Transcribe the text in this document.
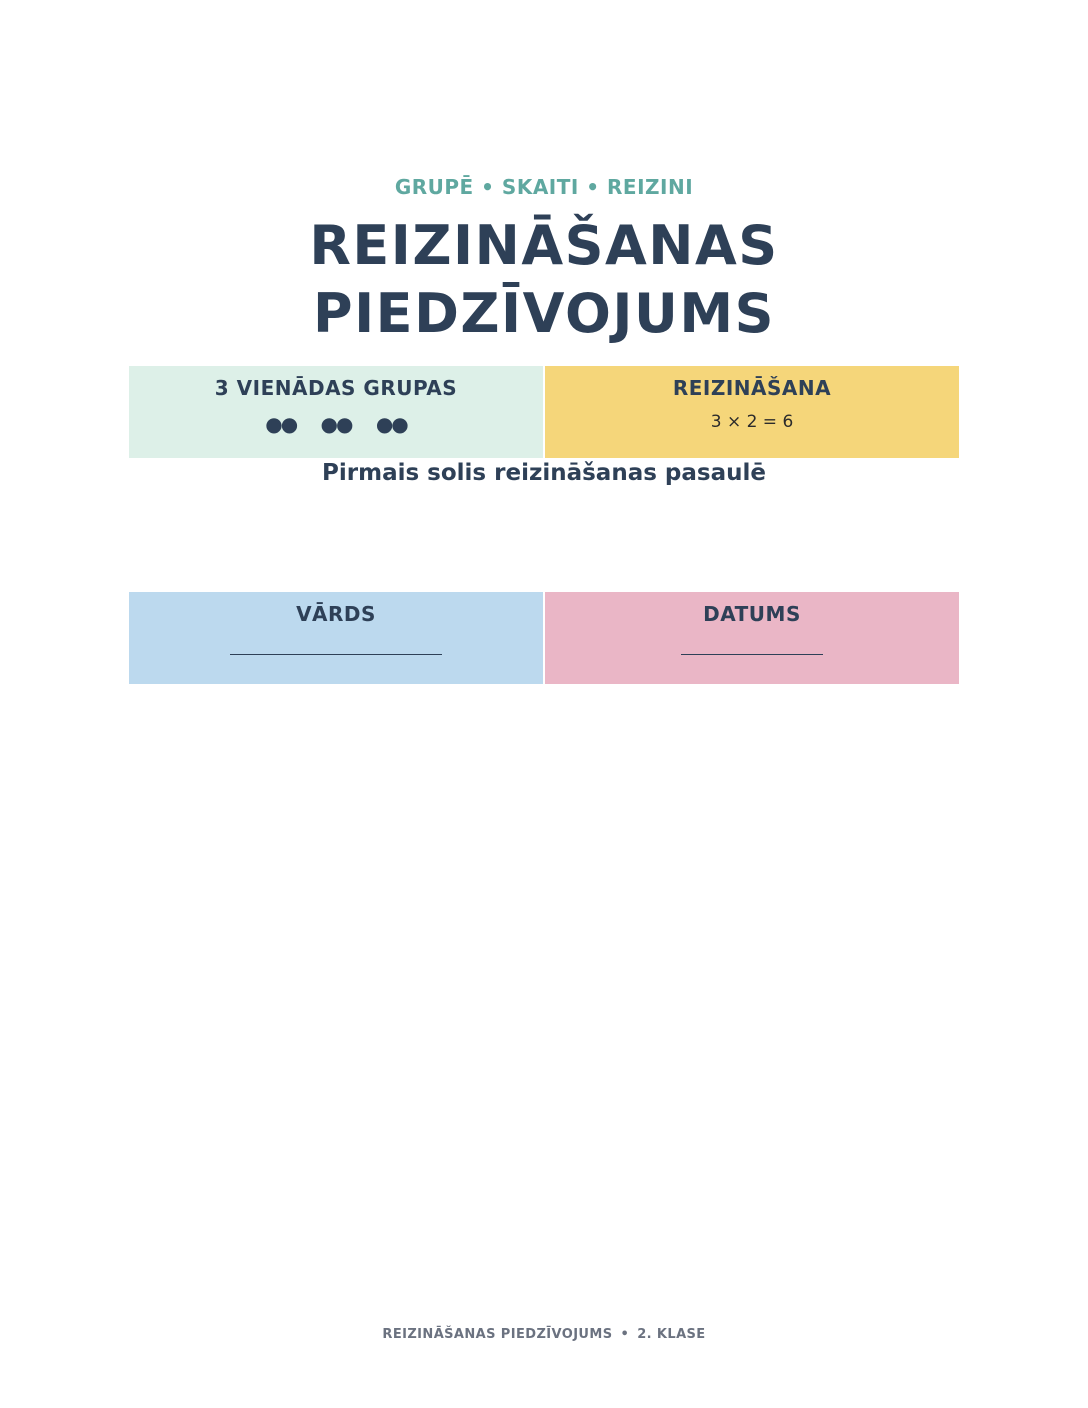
GRUPĒ • SKAITI • REIZINI
REIZINĀŠANAS
PIEDZĪVOJUMS
3 VIENĀDAS GRUPAS
●● ●● ●●
REIZINĀŠANA
3 × 2 = 6
Pirmais solis reizināšanas pasaulē
VĀRDS	DATUMS
REIZINĀŠANAS PIEDZĪVOJUMS • 2. KLASE
